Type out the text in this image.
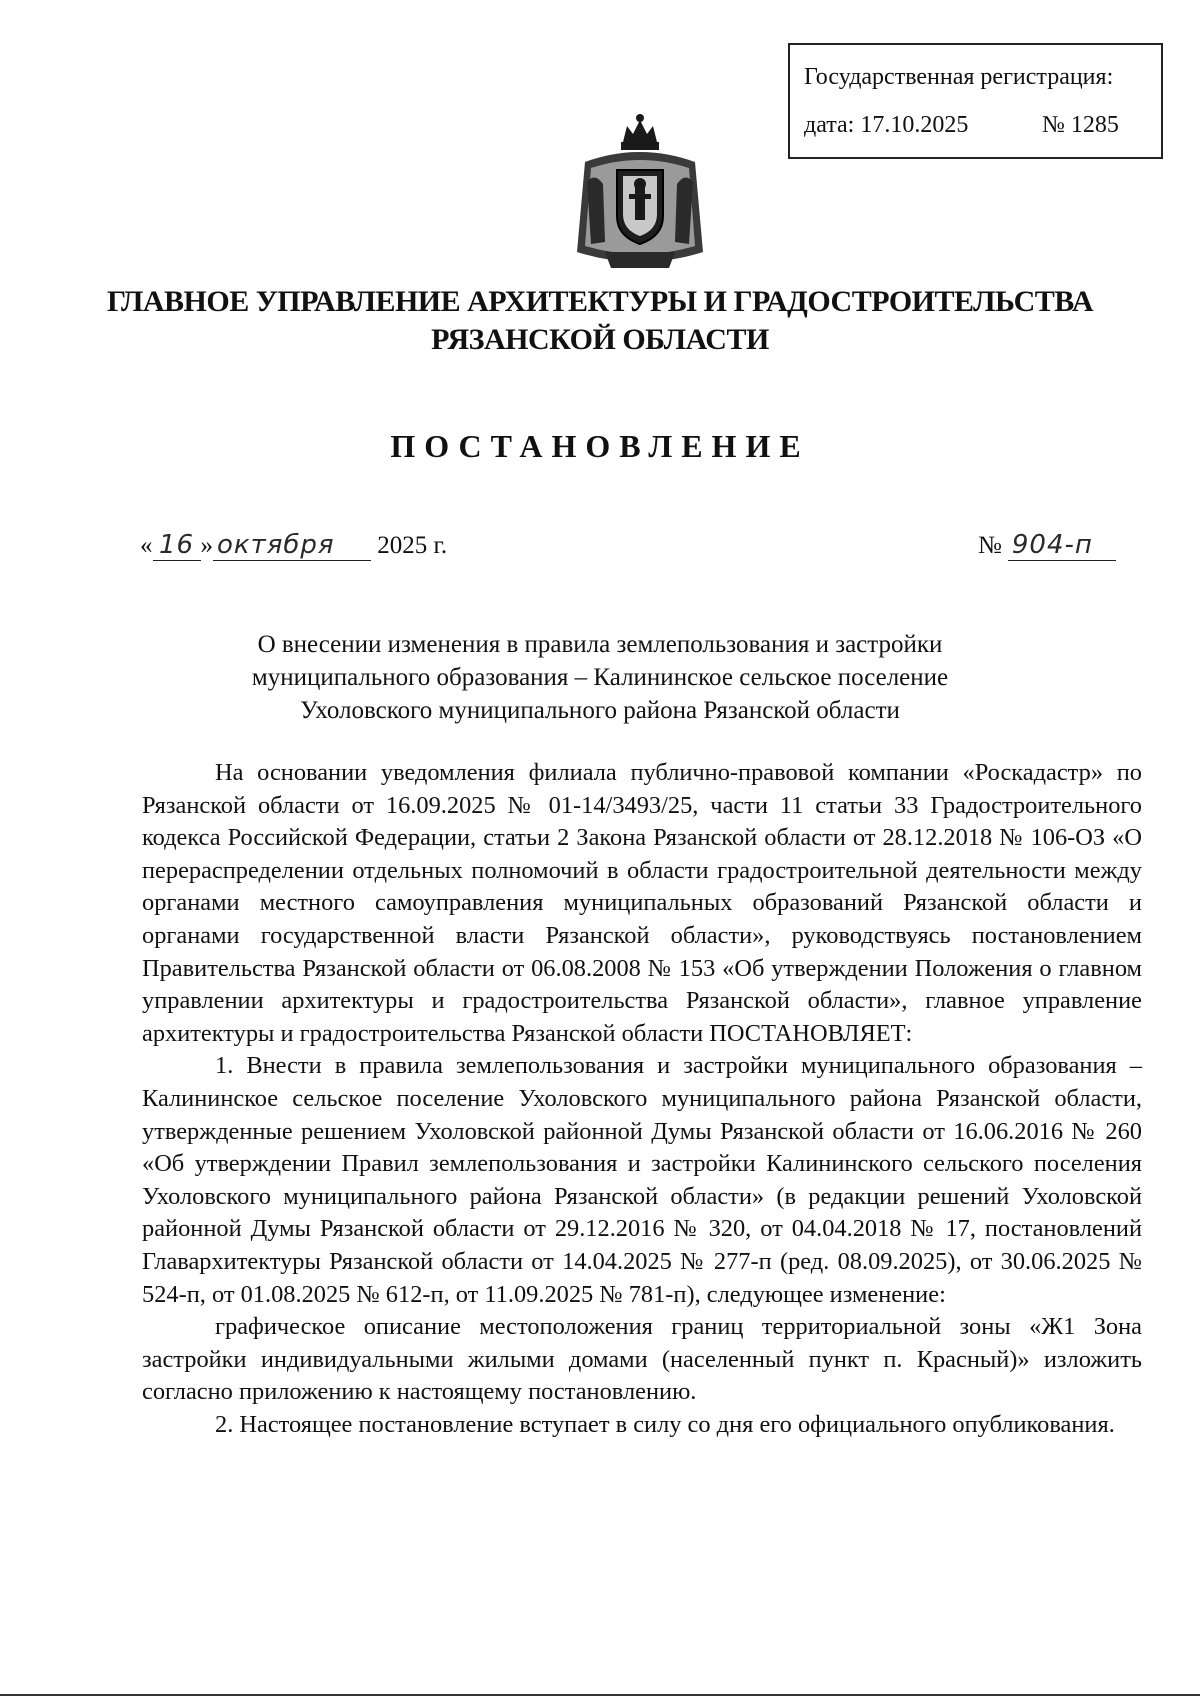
Государственная регистрация:
дата: 17.10.2025	№ 1285
ГЛАВНОЕ УПРАВЛЕНИЕ АРХИТЕКТУРЫ И ГРАДОСТРОИТЕЛЬСТВА
РЯЗАНСКОЙ ОБЛАСТИ
ПОСТАНОВЛЕНИЕ
« 16 » октября 2025 г.	№ 904-п
О внесении изменения в правила землепользования и застройки
муниципального образования – Калининское сельское поселение
Ухоловского муниципального района Рязанской области

На основании уведомления филиала публично-правовой компании «Роскадастр» по Рязанской области от 16.09.2025 № 01-14/3493/25, части 11 статьи 33 Градостроительного кодекса Российской Федерации, статьи 2 Закона Рязанской области от 28.12.2018 № 106-ОЗ «О перераспределении отдельных полномочий в области градостроительной деятельности между органами местного самоуправления муниципальных образований Рязанской области и органами государственной власти Рязанской области», руководствуясь постановлением Правительства Рязанской области от 06.08.2008 № 153 «Об утверждении Положения о главном управлении архитектуры и градостроительства Рязанской области», главное управление архитектуры и градостроительства Рязанской области ПОСТАНОВЛЯЕТ:

1. Внести в правила землепользования и застройки муниципального образования – Калининское сельское поселение Ухоловского муниципального района Рязанской области, утвержденные решением Ухоловской районной Думы Рязанской области от 16.06.2016 № 260 «Об утверждении Правил землепользования и застройки Калининского сельского поселения Ухоловского муниципального района Рязанской области» (в редакции решений Ухоловской районной Думы Рязанской области от 29.12.2016 № 320, от 04.04.2018 № 17, постановлений Главархитектуры Рязанской области от 14.04.2025 № 277-п (ред. 08.09.2025), от 30.06.2025 № 524-п, от 01.08.2025 № 612-п, от 11.09.2025 № 781-п), следующее изменение:

графическое описание местоположения границ территориальной зоны «Ж1 Зона застройки индивидуальными жилыми домами (населенный пункт п. Красный)» изложить согласно приложению к настоящему постановлению.

2. Настоящее постановление вступает в силу со дня его официального опубликования.
